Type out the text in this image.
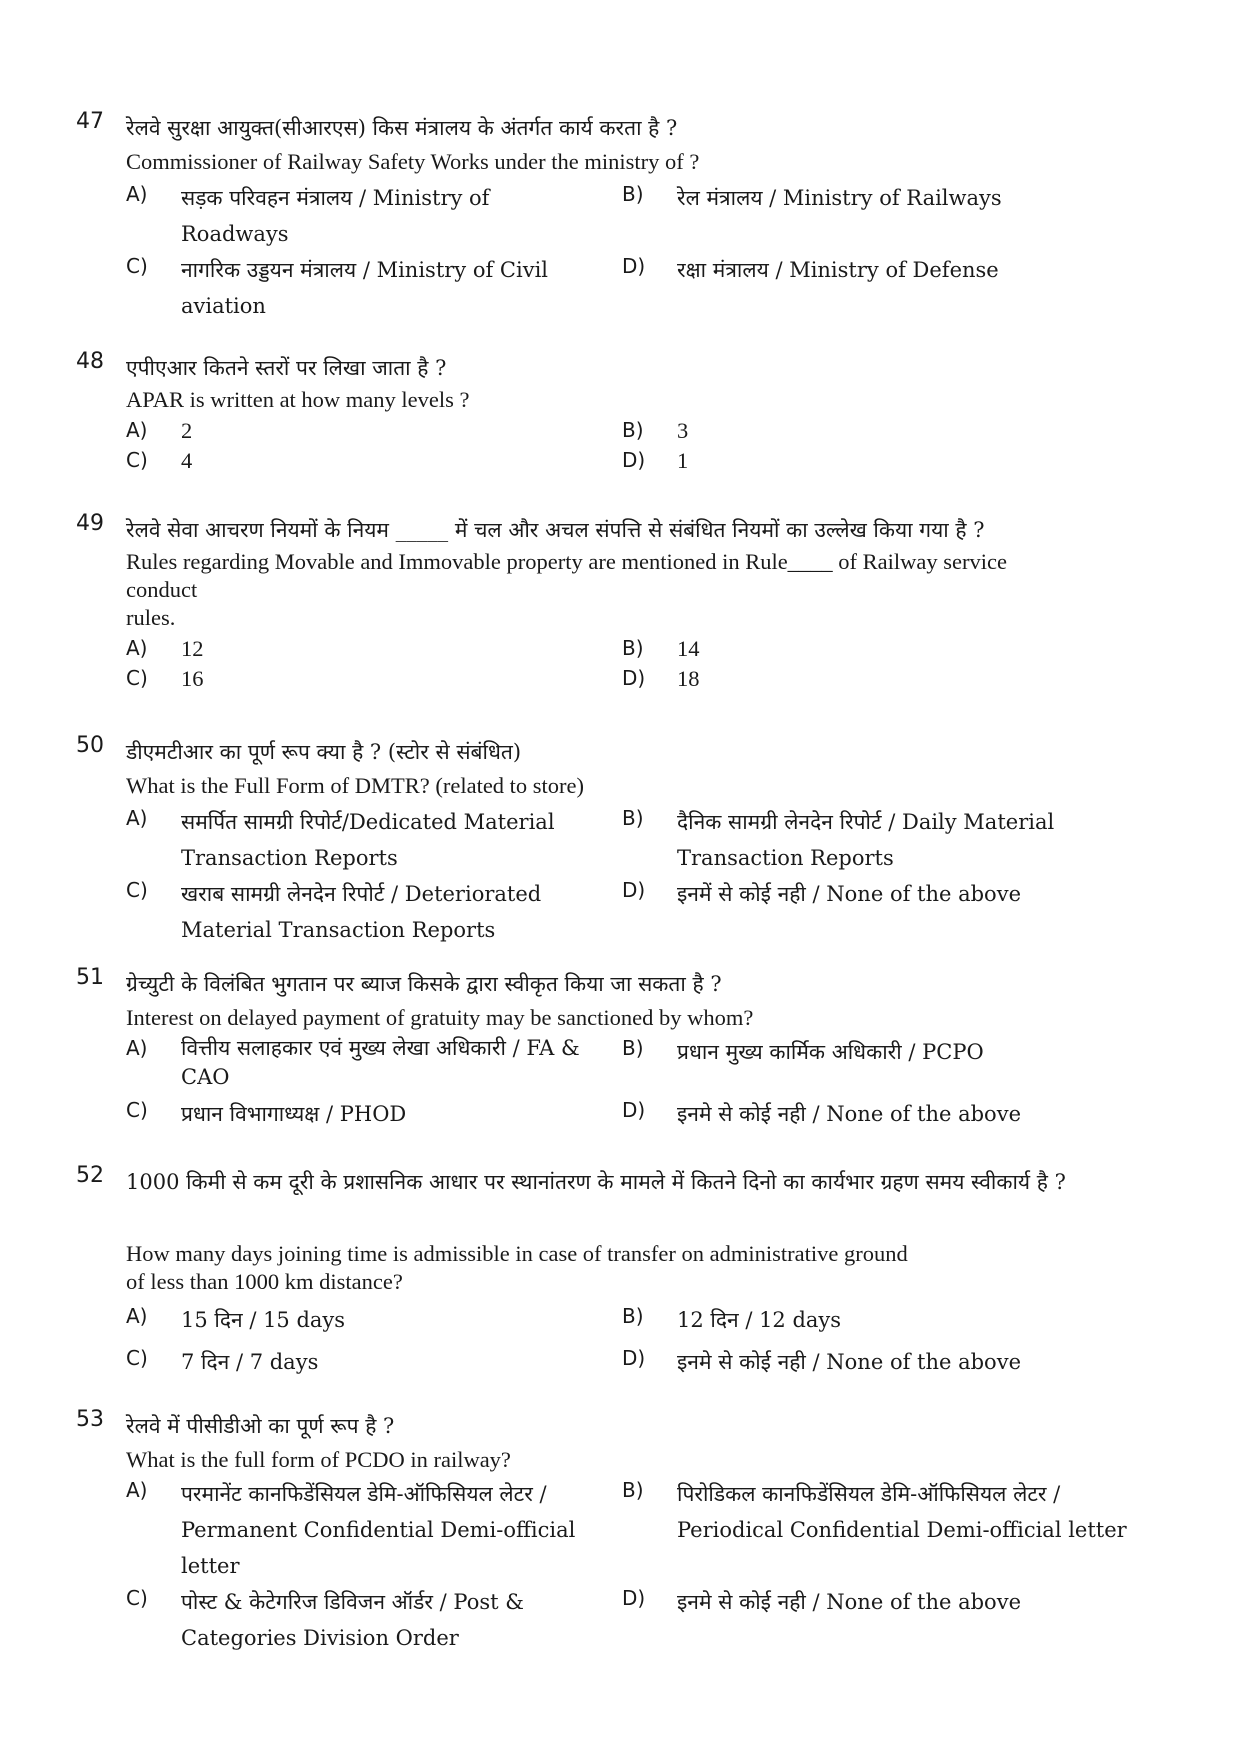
47 रेलवे सुरक्षा आयुक्त(सीआरएस) किस मंत्रालय के अंतर्गत कार्य करता है ?
Commissioner of Railway Safety Works under the ministry of ?
A) सड़क परिवहन मंत्रालय / Ministry of Roadways
B) रेल मंत्रालय / Ministry of Railways
C) नागरिक उड्डयन मंत्रालय / Ministry of Civil aviation
D) रक्षा मंत्रालय / Ministry of Defense
48 एपीएआर कितने स्तरों पर लिखा जाता है ?
APAR is written at how many levels ?
A) 2	B) 3
C) 4	D) 1
49 रेलवे सेवा आचरण नियमों के नियम _____ में चल और अचल संपत्ति से संबंधित नियमों का उल्लेख किया गया है ?
Rules regarding Movable and Immovable property are mentioned in Rule____ of Railway service
conduct
rules.
A) 12	B) 14
C) 16	D) 18
50 डीएमटीआर का पूर्ण रूप क्या है ? (स्टोर से संबंधित)
What is the Full Form of DMTR? (related to store)
A) समर्पित सामग्री रिपोर्ट/Dedicated Material Transaction Reports
B) दैनिक सामग्री लेनदेन रिपोर्ट / Daily Material Transaction Reports
C) खराब सामग्री लेनदेन रिपोर्ट / Deteriorated Material Transaction Reports
D) इनमें से कोई नही / None of the above
51 ग्रेच्युटी के विलंबित भुगतान पर ब्याज किसके द्वारा स्वीकृत किया जा सकता है ?
Interest on delayed payment of gratuity may be sanctioned by whom?
A) वित्तीय सलाहकार एवं मुख्य लेखा अधिकारी / FA & CAO
B) प्रधान मुख्य कार्मिक अधिकारी / PCPO
C) प्रधान विभागाध्यक्ष / PHOD	D) इनमे से कोई नही / None of the above
52 1000 किमी से कम दूरी के प्रशासनिक आधार पर स्थानांतरण के मामले में कितने दिनो का कार्यभार ग्रहण समय स्वीकार्य है ?
How many days joining time is admissible in case of transfer on administrative ground
of less than 1000 km distance?
A) 15 दिन / 15 days	B) 12 दिन / 12 days
C) 7 दिन / 7 days	D) इनमे से कोई नही / None of the above
53 रेलवे में पीसीडीओ का पूर्ण रूप है ?
What is the full form of PCDO in railway?
A) परमानेंट कानफिडेंसियल डेमि-ऑफिसियल लेटर / Permanent Confidential Demi-official letter
B) पिरोडिकल कानफिडेंसियल डेमि-ऑफिसियल लेटर / Periodical Confidential Demi-official letter
C) पोस्ट & केटेगरिज डिविजन ऑर्डर / Post & Categories Division Order
D) इनमे से कोई नही / None of the above
